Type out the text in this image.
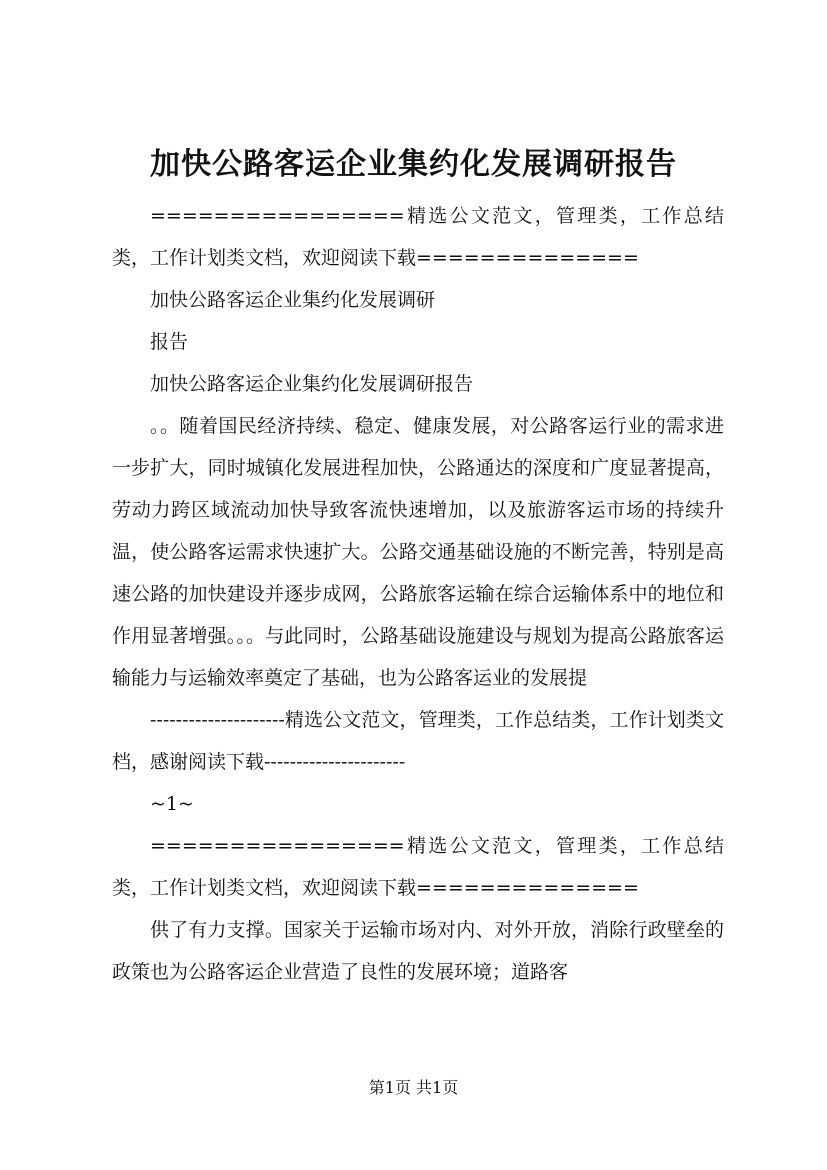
加快公路客运企业集约化发展调研报告

================精选公文范文，管理类，工作总结类，工作计划类文档，欢迎阅读下载==============

加快公路客运企业集约化发展调研

报告

加快公路客运企业集约化发展调研报告

。。随着国民经济持续、稳定、健康发展，对公路客运行业的需求进一步扩大，同时城镇化发展进程加快，公路通达的深度和广度显著提高，劳动力跨区域流动加快导致客流快速增加，以及旅游客运市场的持续升温，使公路客运需求快速扩大。公路交通基础设施的不断完善，特别是高速公路的加快建设并逐步成网，公路旅客运输在综合运输体系中的地位和作用显著增强。。。与此同时，公路基础设施建设与规划为提高公路旅客运输能力与运输效率奠定了基础，也为公路客运业的发展提

---------------------精选公文范文，管理类，工作总结类，工作计划类文档，感谢阅读下载----------------------

~1~

================精选公文范文，管理类，工作总结类，工作计划类文档，欢迎阅读下载==============

供了有力支撑。国家关于运输市场对内、对外开放，消除行政壁垒的政策也为公路客运企业营造了良性的发展环境；道路客

第1页 共1页
